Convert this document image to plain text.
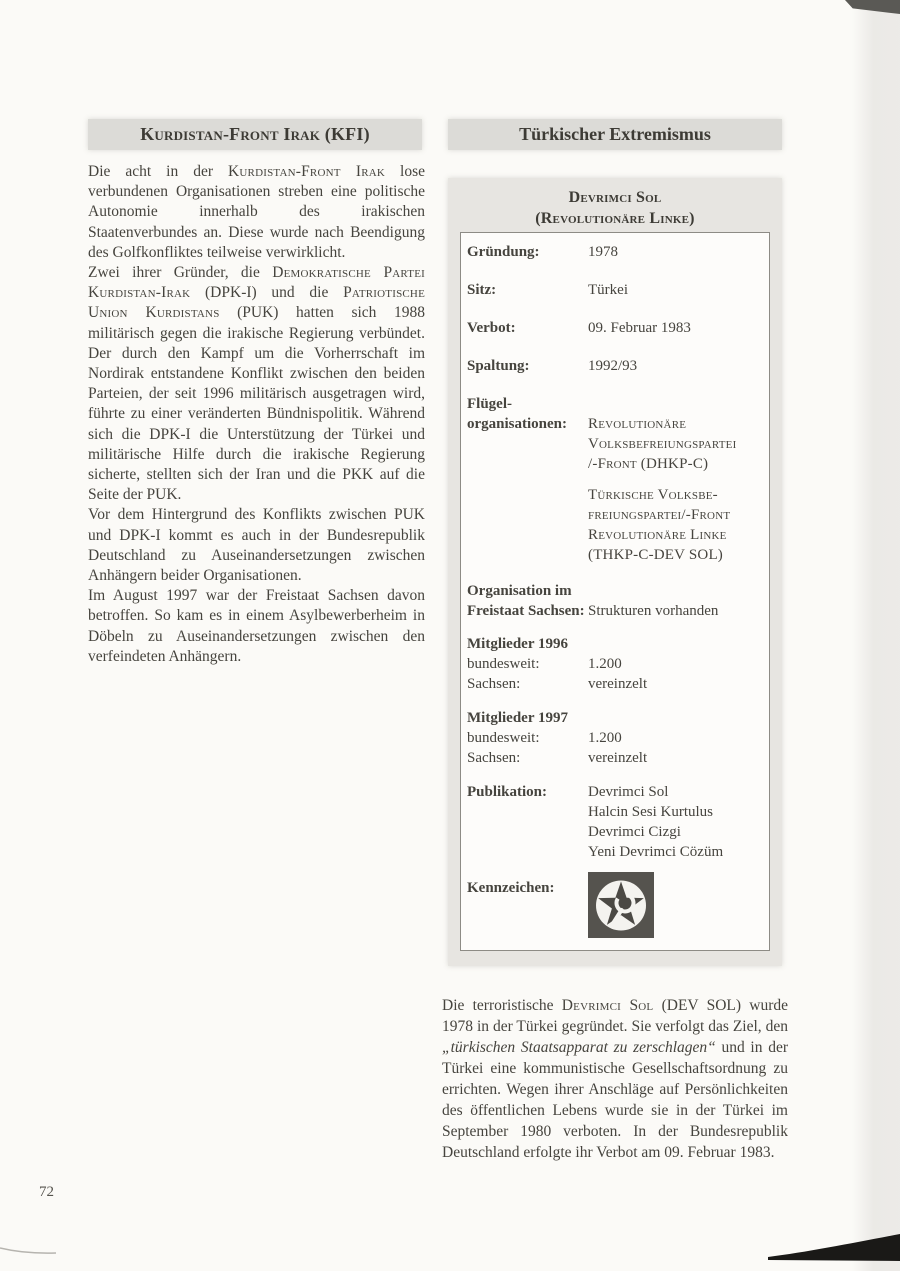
Kurdistan-Front Irak (KFI)	Türkischer Extremismus

Die acht in der Kurdistan-Front Irak lose verbundenen Organisationen streben eine politische Autonomie innerhalb des irakischen Staatenverbundes an. Diese wurde nach Beendigung des Golfkonfliktes teilweise verwirklicht.

Zwei ihrer Gründer, die Demokratische Partei Kurdistan-Irak (DPK-I) und die Patriotische Union Kurdistans (PUK) hatten sich 1988 militärisch gegen die irakische Regierung verbündet. Der durch den Kampf um die Vorherrschaft im Nordirak entstandene Konflikt zwischen den beiden Parteien, der seit 1996 militärisch ausgetragen wird, führte zu einer veränderten Bündnispolitik. Während sich die DPK-I die Unterstützung der Türkei und militärische Hilfe durch die irakische Regierung sicherte, stellten sich der Iran und die PKK auf die Seite der PUK.

Vor dem Hintergrund des Konflikts zwischen PUK und DPK-I kommt es auch in der Bundesrepublik Deutschland zu Auseinandersetzungen zwischen Anhängern beider Organisationen.

Im August 1997 war der Freistaat Sachsen davon betroffen. So kam es in einem Asylbewerberheim in Döbeln zu Auseinandersetzungen zwischen den verfeindeten Anhängern.

Devrimci Sol
(Revolutionäre Linke)
Gründung:	1978
Sitz:	Türkei
Verbot:	09. Februar 1983
Spaltung:	1992/93
Flügel-
organisationen:	Revolutionäre
Volksbefreiungspartei
/-Front (DHKP-C)
Türkische Volksbe-
freiungspartei/-Front
Revolutionäre Linke
(THKP-C-DEV SOL)
Organisation im
Freistaat Sachsen: Strukturen vorhanden
Mitglieder 1996
bundesweit:	1.200
Sachsen:	vereinzelt
Mitglieder 1997
bundesweit:	1.200
Sachsen:	vereinzelt
Publikation:	Devrimci Sol
Halcin Sesi Kurtulus
Devrimci Cizgi
Yeni Devrimci Cözüm
Kennzeichen:
Die terroristische Devrimci Sol (DEV SOL) wurde 1978 in der Türkei gegründet. Sie verfolgt das Ziel, den „türkischen Staatsapparat zu zerschlagen“ und in der Türkei eine kommunistische Gesellschaftsordnung zu errichten. Wegen ihrer Anschläge auf Persönlichkeiten des öffentlichen Lebens wurde sie in der Türkei im September 1980 verboten. In der Bundesrepublik Deutschland erfolgte ihr Verbot am 09. Februar 1983.
72
